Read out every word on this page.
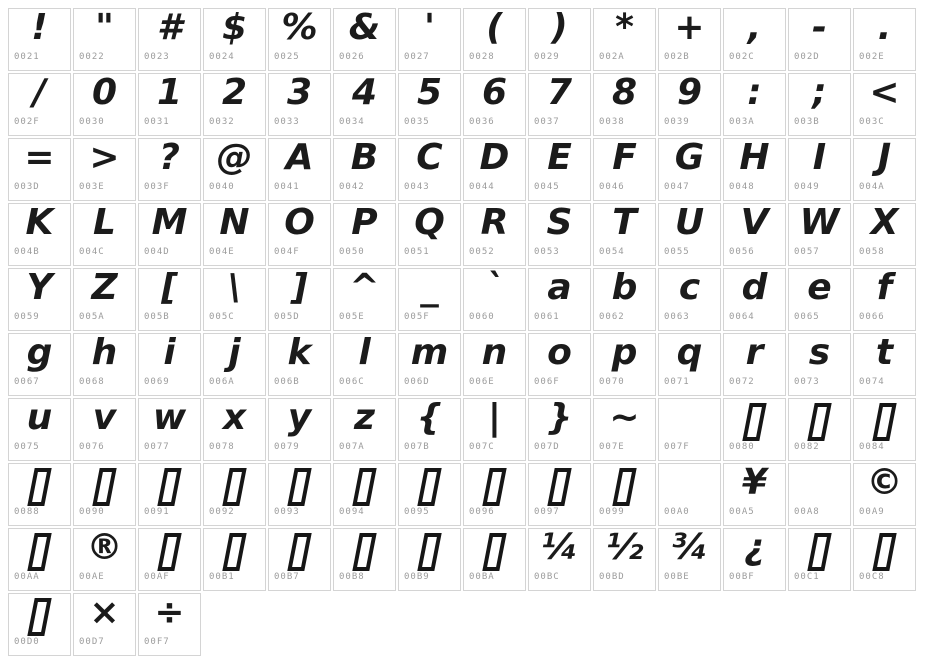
!
0021

"
0022

#
0023

$
0024

%
0025

&
0026

'
0027

(
0028

)
0029

*
002A

+
002B

,
002C

-
002D

.
002E

/
002F

0
0030

1
0031

2
0032

3
0033

4
0034

5
0035

6
0036

7
0037

8
0038

9
0039

:
003A

;
003B

<
003C

=
003D

>
003E

?
003F

@
0040

A
0041

B
0042

C
0043

D
0044

E
0045

F
0046

G
0047

H
0048

I
0049

J
004A

K
004B

L
004C

M
004D

N
004E

O
004F

P
0050

Q
0051

R
0052

S
0053

T
0054

U
0055

V
0056

W
0057

X
0058

Y
0059

Z
005A

[
005B

\
005C

]
005D

^
005E

_
005F

`
0060

a
0061

b
0062

c
0063

d
0064

e
0065

f
0066

g
0067

h
0068

i
0069

j
006A

k
006B

l
006C

m
006D

n
006E

o
006F

p
0070

q
0071

r
0072

s
0073

t
0074

u
0075

v
0076

w
0077

x
0078

y
0079

z
007A

{
007B

|
007C

}
007D

~
007E	007F	0080	0082	0084

0088	0090	0091	0092	0093	0094	0095	0096	0097	0099	00A0

¥
00A5	00A8

©
00A9

00AA

®
00AE	00AF	00B1	00B7	00B8	00B9	00BA

¼
00BC

½
00BD

¾
00BE

¿
00BF	00C1	00C8

00D0

×
00D7

÷
00F7
